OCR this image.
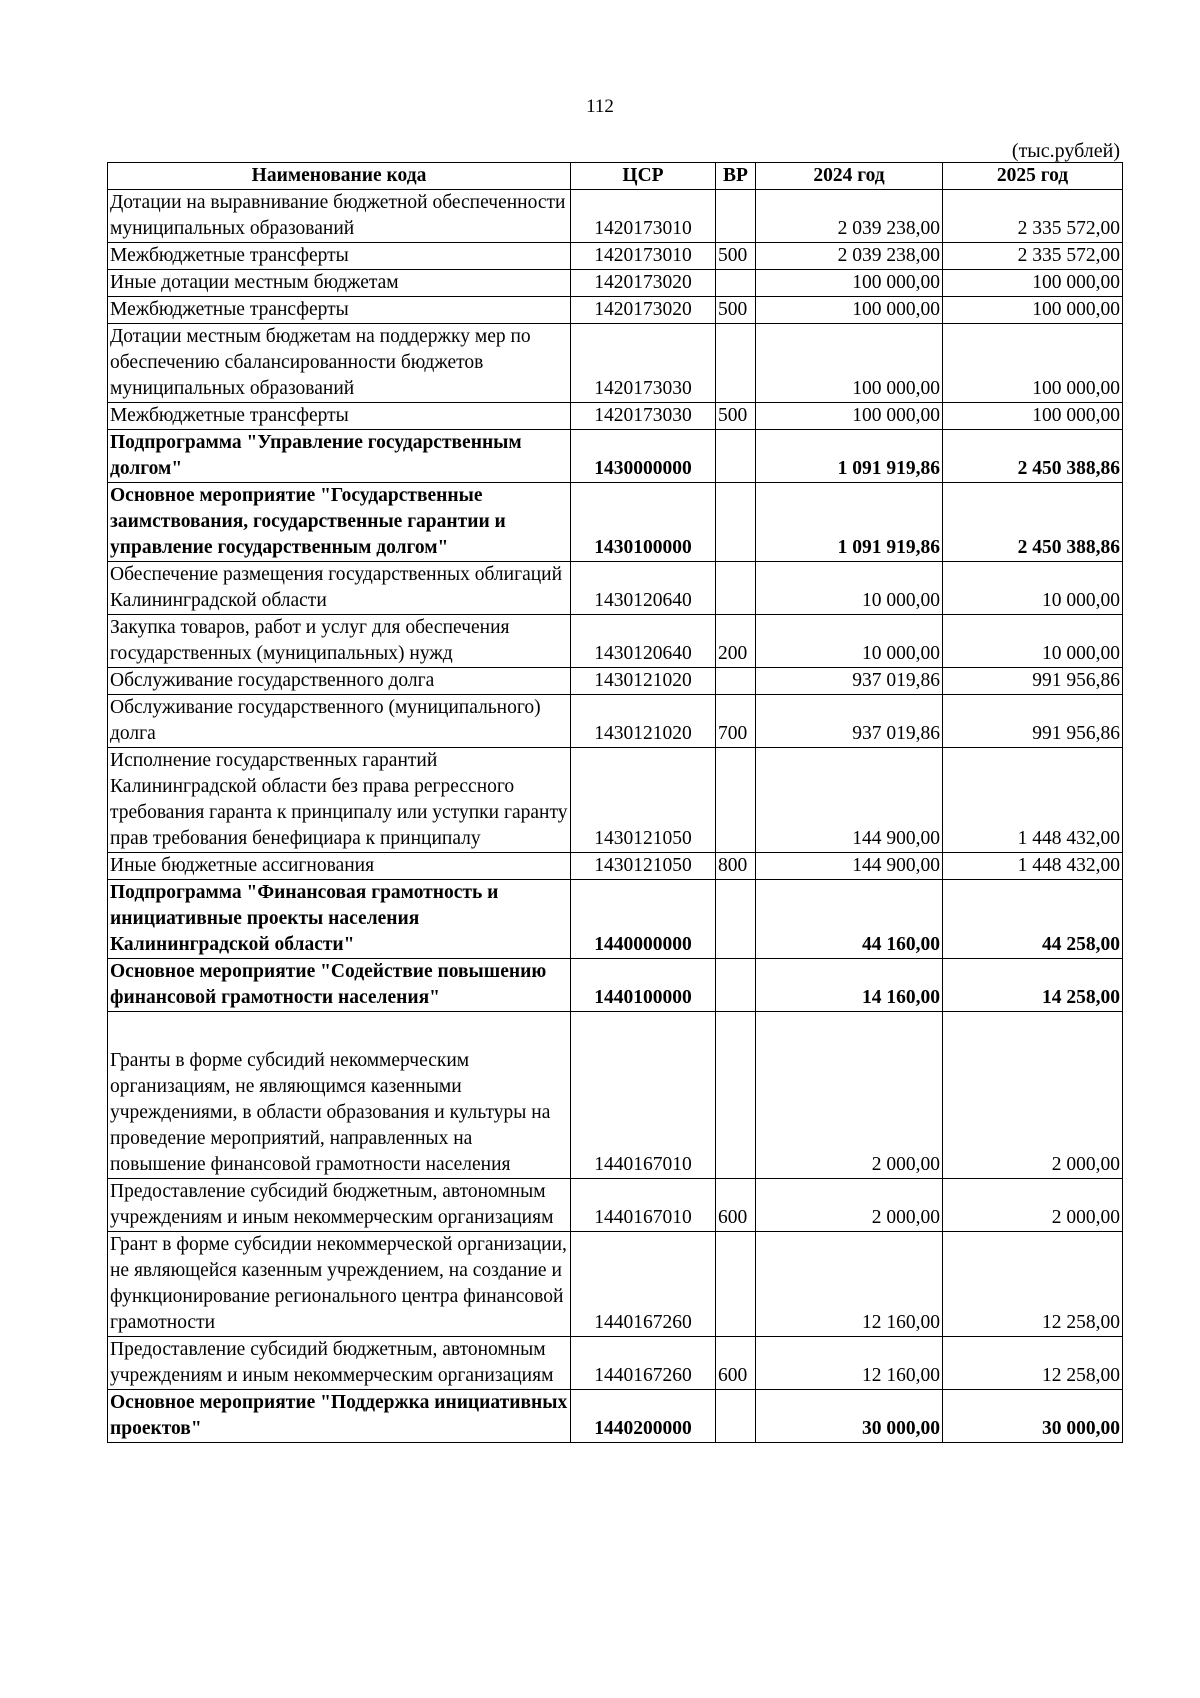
112
(тыс.рублей)
Наименование кода	ЦСР	ВР	2024 год	2025 год
Дотации на выравнивание бюджетной обеспеченности муниципальных образований	1420173010		2 039 238,00	2 335 572,00
Межбюджетные трансферты	1420173010	500	2 039 238,00	2 335 572,00
Иные дотации местным бюджетам	1420173020		100 000,00	100 000,00
Межбюджетные трансферты	1420173020	500	100 000,00	100 000,00
Дотации местным бюджетам на поддержку мер по обеспечению сбалансированности бюджетов муниципальных образований	1420173030		100 000,00	100 000,00
Межбюджетные трансферты	1420173030	500	100 000,00	100 000,00
Подпрограмма "Управление государственным долгом"	1430000000		1 091 919,86	2 450 388,86
Основное мероприятие "Государственные заимствования, государственные гарантии и управление государственным долгом"	1430100000		1 091 919,86	2 450 388,86
Обеспечение размещения государственных облигаций Калининградской области	1430120640		10 000,00	10 000,00
Закупка товаров, работ и услуг для обеспечения государственных (муниципальных) нужд	1430120640	200	10 000,00	10 000,00
Обслуживание государственного долга	1430121020		937 019,86	991 956,86
Обслуживание государственного (муниципального) долга	1430121020	700	937 019,86	991 956,86
Исполнение государственных гарантий Калининградской области без права регрессного требования гаранта к принципалу или уступки гаранту прав требования бенефициара к принципалу	1430121050		144 900,00	1 448 432,00
Иные бюджетные ассигнования	1430121050	800	144 900,00	1 448 432,00
Подпрограмма "Финансовая грамотность и инициативные проекты населения Калининградской области"	1440000000		44 160,00	44 258,00
Основное мероприятие "Содействие повышению финансовой грамотности населения"	1440100000		14 160,00	14 258,00
Гранты в форме субсидий некоммерческим организациям, не являющимся казенными учреждениями, в области образования и культуры на проведение мероприятий, направленных на повышение финансовой грамотности населения	1440167010		2 000,00	2 000,00
Предоставление субсидий бюджетным, автономным учреждениям и иным некоммерческим организациям	1440167010	600	2 000,00	2 000,00
Грант в форме субсидии некоммерческой организации, не являющейся казенным учреждением, на создание и функционирование регионального центра финансовой грамотности	1440167260		12 160,00	12 258,00
Предоставление субсидий бюджетным, автономным учреждениям и иным некоммерческим организациям	1440167260	600	12 160,00	12 258,00
Основное мероприятие "Поддержка инициативных проектов"	1440200000		30 000,00	30 000,00
